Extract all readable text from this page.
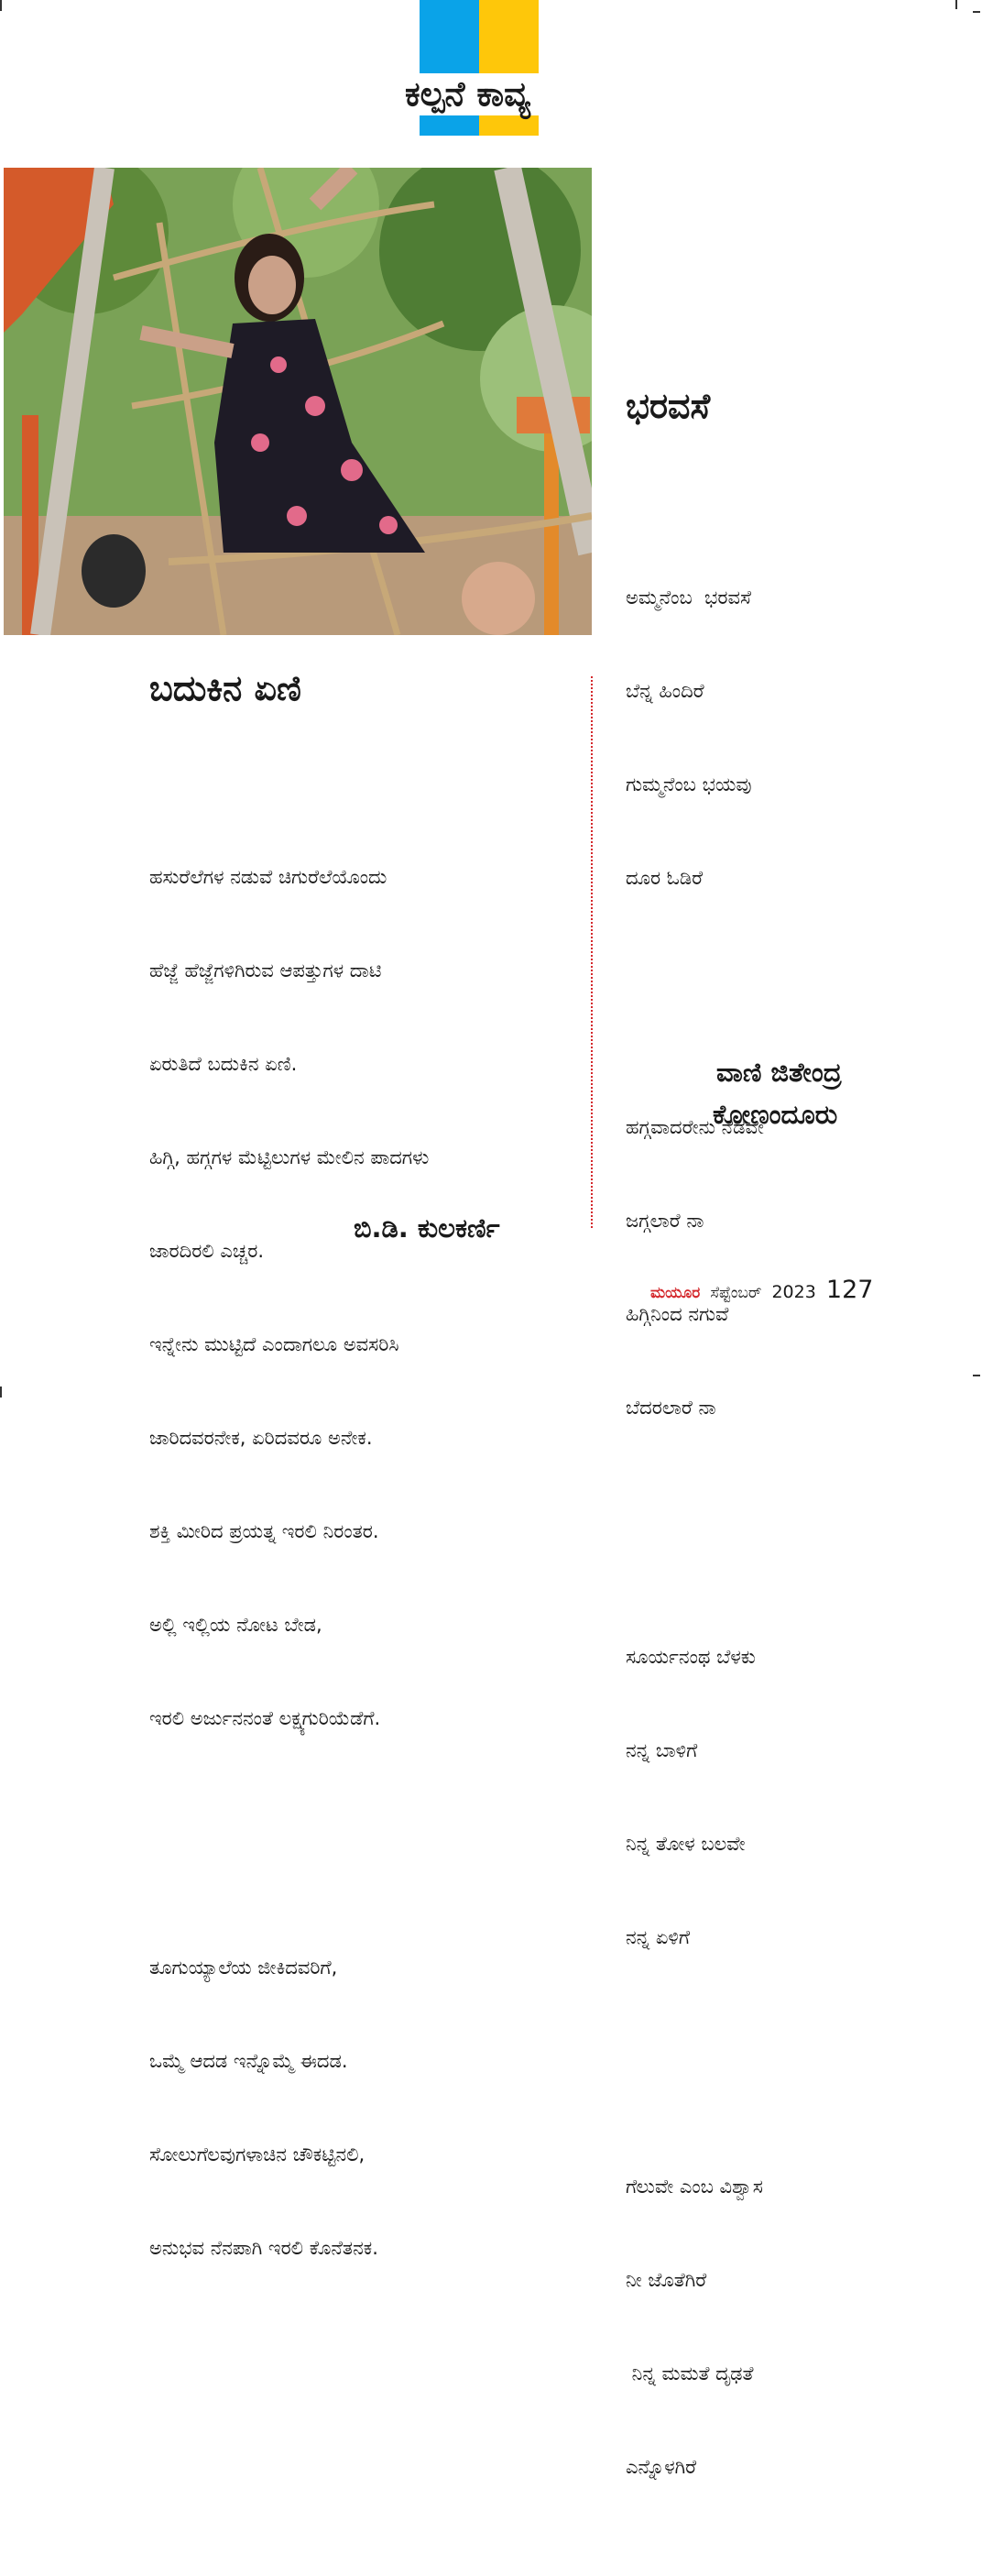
ಕಲ್ಪನೆ ಕಾವ್ಯ
ಬದುಕಿನ ಏಣಿ

ಹಸುರೆಲೆಗಳ ನಡುವೆ ಚಿಗುರೆಲೆಯೊಂದು

ಹೆಜ್ಜೆ ಹೆಜ್ಜೆಗಳಿಗಿರುವ ಆಪತ್ತುಗಳ ದಾಟಿ

ಏರುತಿದೆ ಬದುಕಿನ ಏಣಿ.

ಹಿಗ್ಗಿ, ಹಗ್ಗಗಳ ಮೆಟ್ಟಿಲುಗಳ ಮೇಲಿನ ಪಾದಗಳು

ಜಾರದಿರಲಿ ಎಚ್ಚರ.

ಇನ್ನೇನು ಮುಟ್ಟಿದೆ ಎಂದಾಗಲೂ ಅವಸರಿಸಿ

ಜಾರಿದವರನೇಕ, ಏರಿದವರೂ ಅನೇಕ.

ಶಕ್ತಿ ಮೀರಿದ ಪ್ರಯತ್ನ ಇರಲಿ ನಿರಂತರ.

ಅಲ್ಲಿ ಇಲ್ಲಿಯ ನೋಟ ಬೇಡ,

ಇರಲಿ ಅರ್ಜುನನಂತೆ ಲಕ್ಷ್ಯಗುರಿಯೆಡೆಗೆ.

ತೂಗುಯ್ಯಾಲೆಯ ಜೀಕಿದವರಿಗೆ,

ಒಮ್ಮೆ ಆದಡ ಇನ್ನೊಮ್ಮೆ ಈದಡ.

ಸೋಲುಗೆಲವುಗಳಾಚಿನ ಚೌಕಟ್ಟಿನಲಿ,

ಅನುಭವ ನೆನಪಾಗಿ ಇರಲಿ ಕೊನೆತನಕ.

ಬಿ.ಡಿ. ಕುಲಕರ್ಣಿ
ಭರವಸೆ

ಅಮ್ಮನೆಂಬ  ಭರವಸೆ

ಬೆನ್ನ ಹಿಂದಿರೆ

ಗುಮ್ಮನೆಂಬ ಭಯವು

ದೂರ ಓಡಿರೆ

ಹಗ್ಗವಾದರೇನು ನೆಡವೇ

ಜಗ್ಗಲಾರೆ ನಾ

ಹಿಗ್ಗಿನಿಂದ ನಗುವೆ

ಬೆದರಲಾರೆ ನಾ

ಸೂರ್ಯನಂಥ ಬೆಳಕು

ನನ್ನ ಬಾಳಿಗೆ

ನಿನ್ನ ತೋಳ ಬಲವೇ

ನನ್ನ ಏಳಿಗೆ

ಗೆಲುವೇ ಎಂಬ ವಿಶ್ವಾಸ

ನೀ ಜೊತೆಗಿರೆ

ನಿನ್ನ ಮಮತೆ ದೃಢತೆ

ಎನ್ನೊಳಗಿರೆ

ವಾಣಿ ಜಿತೇಂದ್ರ
ಕೋಣಂದೂರು
ಮಯೂರ ಸೆಪ್ಟೆಂಬರ್ 2023 127
